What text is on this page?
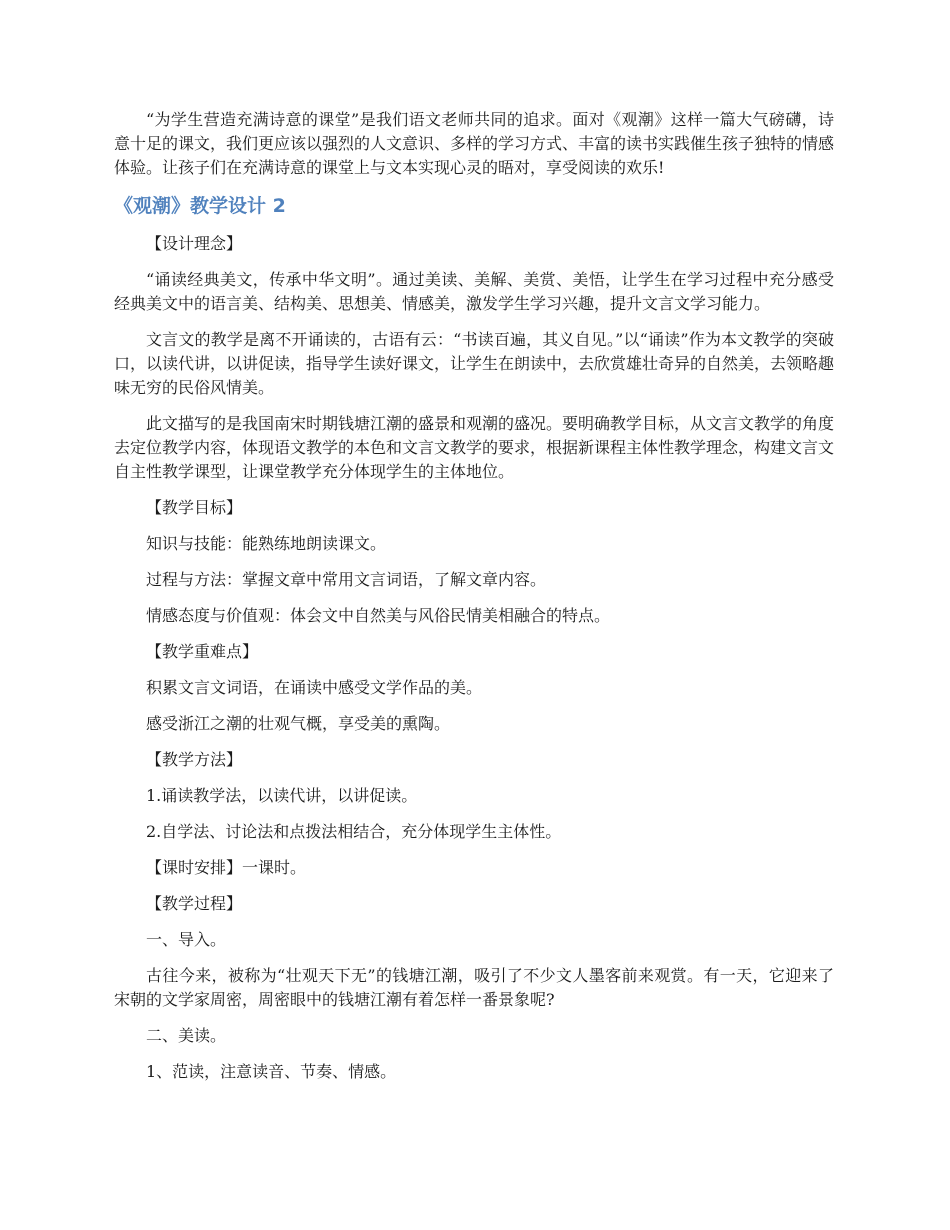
“为学生营造充满诗意的课堂”是我们语文老师共同的追求。面对《观潮》这样一篇大气磅礴，诗意十足的课文，我们更应该以强烈的人文意识、多样的学习方式、丰富的读书实践催生孩子独特的情感体验。让孩子们在充满诗意的课堂上与文本实现心灵的晤对，享受阅读的欢乐!

《观潮》教学设计 2

【设计理念】

“诵读经典美文，传承中华文明”。通过美读、美解、美赏、美悟，让学生在学习过程中充分感受经典美文中的语言美、结构美、思想美、情感美，激发学生学习兴趣，提升文言文学习能力。

文言文的教学是离不开诵读的，古语有云：“书读百遍，其义自见。”以“诵读”作为本文教学的突破口，以读代讲，以讲促读，指导学生读好课文，让学生在朗读中，去欣赏雄壮奇异的自然美，去领略趣味无穷的民俗风情美。

此文描写的是我国南宋时期钱塘江潮的盛景和观潮的盛况。要明确教学目标，从文言文教学的角度去定位教学内容，体现语文教学的本色和文言文教学的要求，根据新课程主体性教学理念，构建文言文自主性教学课型，让课堂教学充分体现学生的主体地位。

【教学目标】

知识与技能：能熟练地朗读课文。

过程与方法：掌握文章中常用文言词语，了解文章内容。

情感态度与价值观：体会文中自然美与风俗民情美相融合的特点。

【教学重难点】

积累文言文词语，在诵读中感受文学作品的美。

感受浙江之潮的壮观气概，享受美的熏陶。

【教学方法】

1.诵读教学法，以读代讲，以讲促读。

2.自学法、讨论法和点拨法相结合，充分体现学生主体性。

【课时安排】一课时。

【教学过程】

一、导入。

古往今来，被称为“壮观天下无”的钱塘江潮，吸引了不少文人墨客前来观赏。有一天，它迎来了宋朝的文学家周密，周密眼中的钱塘江潮有着怎样一番景象呢?

二、美读。

1、范读，注意读音、节奏、情感。
